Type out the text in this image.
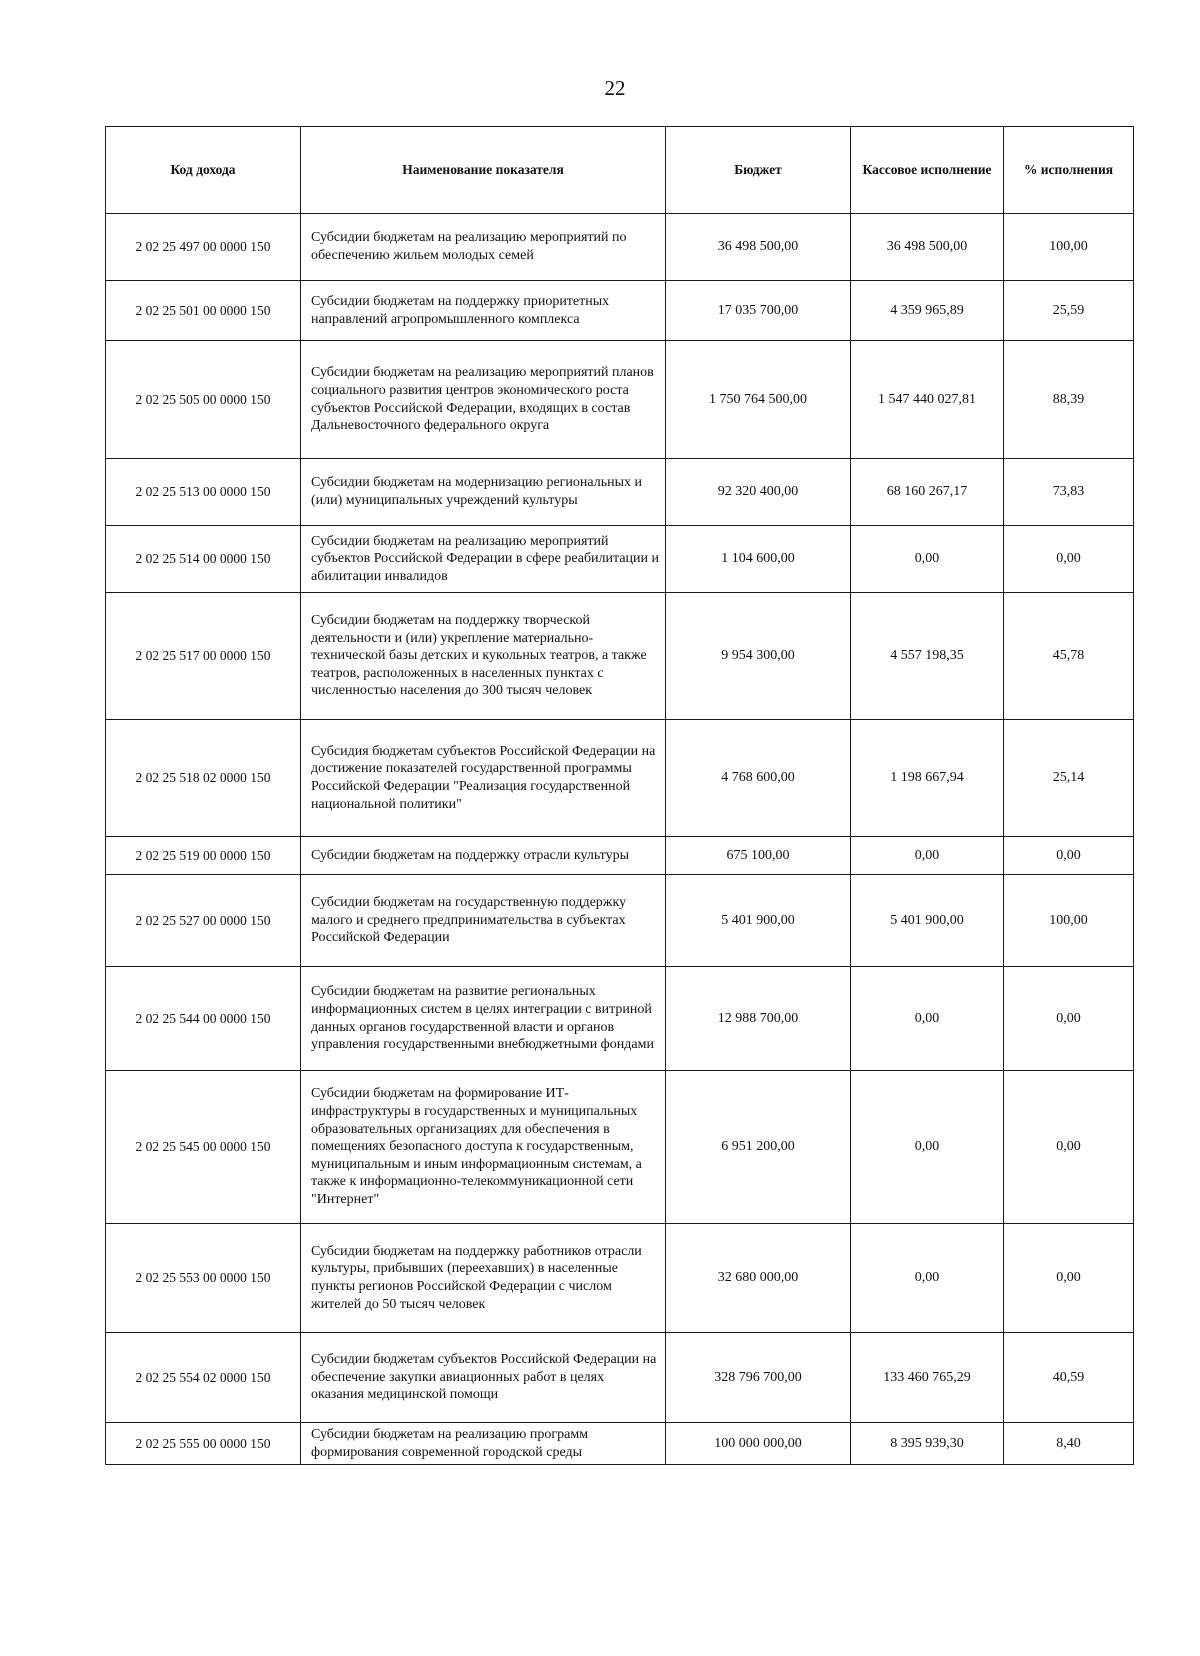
22
Код дохода	Наименование показателя	Бюджет	Кассовое исполнение	% исполнения
2 02 25 497 00 0000 150	Субсидии бюджетам на реализацию мероприятий по обеспечению жильем молодых семей	36 498 500,00	36 498 500,00	100,00
2 02 25 501 00 0000 150	Субсидии бюджетам на поддержку приоритетных направлений агропромышленного комплекса	17 035 700,00	4 359 965,89	25,59
2 02 25 505 00 0000 150	Субсидии бюджетам на реализацию мероприятий планов социального развития центров экономического роста субъектов Российской Федерации, входящих в состав Дальневосточного федерального округа	1 750 764 500,00	1 547 440 027,81	88,39
2 02 25 513 00 0000 150	Субсидии бюджетам на модернизацию региональных и (или) муниципальных учреждений культуры	92 320 400,00	68 160 267,17	73,83
2 02 25 514 00 0000 150	Субсидии бюджетам на реализацию мероприятий субъектов Российской Федерации в сфере реабилитации и абилитации инвалидов	1 104 600,00	0,00	0,00
2 02 25 517 00 0000 150	Субсидии бюджетам на поддержку творческой деятельности и (или) укрепление материально-технической базы детских и кукольных театров, а также театров, расположенных в населенных пунктах с численностью населения до 300 тысяч человек	9 954 300,00	4 557 198,35	45,78
2 02 25 518 02 0000 150	Субсидия бюджетам субъектов Российской Федерации на достижение показателей государственной программы Российской Федерации "Реализация государственной национальной политики"	4 768 600,00	1 198 667,94	25,14
2 02 25 519 00 0000 150	Субсидии бюджетам на поддержку отрасли культуры	675 100,00	0,00	0,00
2 02 25 527 00 0000 150	Субсидии бюджетам на государственную поддержку малого и среднего предпринимательства в субъектах Российской Федерации	5 401 900,00	5 401 900,00	100,00
2 02 25 544 00 0000 150	Субсидии бюджетам на развитие региональных информационных систем в целях интеграции с витриной данных органов государственной власти и органов управления государственными внебюджетными фондами	12 988 700,00	0,00	0,00
2 02 25 545 00 0000 150	Субсидии бюджетам на формирование ИТ-инфраструктуры в государственных и муниципальных образовательных организациях для обеспечения в помещениях безопасного доступа к государственным, муниципальным и иным информационным системам, а также к информационно-телекоммуникационной сети "Интернет"	6 951 200,00	0,00	0,00
2 02 25 553 00 0000 150	Субсидии бюджетам на поддержку работников отрасли культуры, прибывших (переехавших) в населенные пункты регионов Российской Федерации с числом жителей до 50 тысяч человек	32 680 000,00	0,00	0,00
2 02 25 554 02 0000 150	Субсидии бюджетам субъектов Российской Федерации на обеспечение закупки авиационных работ в целях оказания медицинской помощи	328 796 700,00	133 460 765,29	40,59
2 02 25 555 00 0000 150	Субсидии бюджетам на реализацию программ формирования современной городской среды	100 000 000,00	8 395 939,30	8,40
